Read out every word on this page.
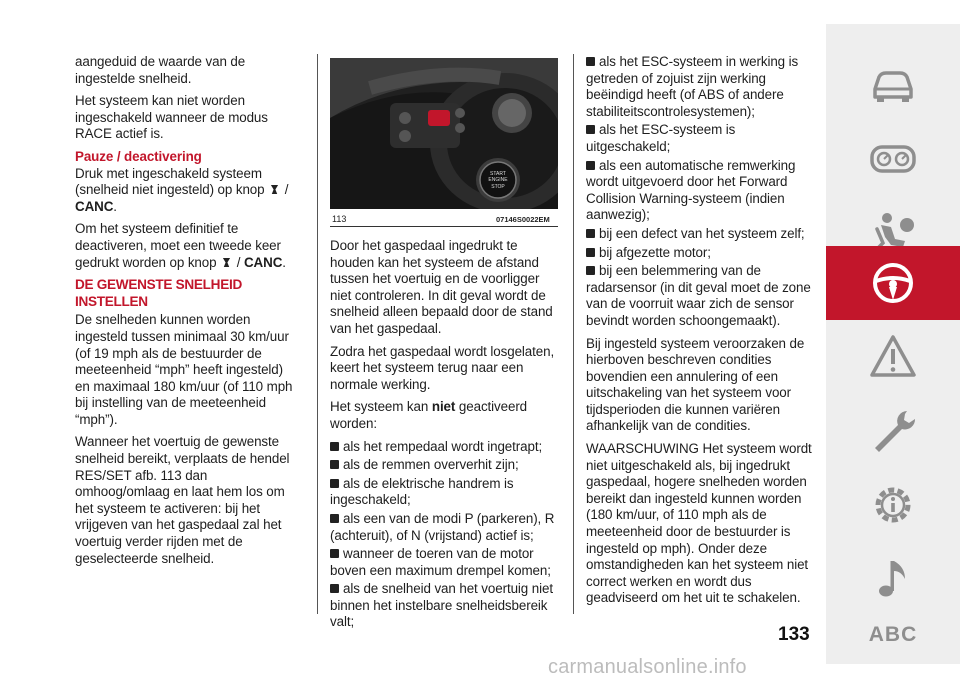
aangeduid de waarde van de ingestelde snelheid.

Het systeem kan niet worden ingeschakeld wanneer de modus RACE actief is.

Pauze / deactivering

Druk met ingeschakeld systeem (snelheid niet ingesteld) op knop  /
CANC.

Om het systeem definitief te deactiveren, moet een tweede keer gedrukt worden op knop  / CANC.

DE GEWENSTE SNELHEID INSTELLEN

De snelheden kunnen worden ingesteld tussen minimaal 30 km/uur (of 19 mph als de bestuurder de meeteenheid “mph” heeft ingesteld) en maximaal 180 km/uur (of 110 mph bij instelling van de meeteenheid “mph”).

Wanneer het voertuig de gewenste snelheid bereikt, verplaats de hendel RES/SET afb. 113 dan omhoog/omlaag en laat hem los om het systeem te activeren: bij het vrijgeven van het gaspedaal zal het voertuig verder rijden met de geselecteerde snelheid.

START
ENGINE
STOP
113	07146S0022EM

Door het gaspedaal ingedrukt te houden kan het systeem de afstand tussen het voertuig en de voorligger niet controleren. In dit geval wordt de snelheid alleen bepaald door de stand van het gaspedaal.

Zodra het gaspedaal wordt losgelaten, keert het systeem terug naar een normale werking.

Het systeem kan niet geactiveerd worden:

als het rempedaal wordt ingetrapt;
als de remmen oververhit zijn;
als de elektrische handrem is ingeschakeld;
als een van de modi P (parkeren), R (achteruit), of N (vrijstand) actief is;
wanneer de toeren van de motor boven een maximum drempel komen;
als de snelheid van het voertuig niet binnen het instelbare snelheidsbereik valt;
als het ESC-systeem in werking is getreden of zojuist zijn werking beëindigd heeft (of ABS of andere stabiliteitscontrolesystemen);
als het ESC-systeem is uitgeschakeld;
als een automatische remwerking wordt uitgevoerd door het Forward Collision Warning-systeem (indien aanwezig);
bij een defect van het systeem zelf;
bij afgezette motor;
bij een belemmering van de radarsensor (in dit geval moet de zone van de voorruit waar zich de sensor bevindt worden schoongemaakt).

Bij ingesteld systeem veroorzaken de hierboven beschreven condities bovendien een annulering of een uitschakeling van het systeem voor tijdsperioden die kunnen variëren afhankelijk van de condities.

WAARSCHUWING Het systeem wordt niet uitgeschakeld als, bij ingedrukt gaspedaal, hogere snelheden worden bereikt dan ingesteld kunnen worden (180 km/uur, of 110 mph als de meeteenheid door de bestuurder is ingesteld op mph). Onder deze omstandigheden kan het systeem niet correct werken en wordt dus geadviseerd om het uit te schakelen.

133	ABC
carmanualsonline.info
